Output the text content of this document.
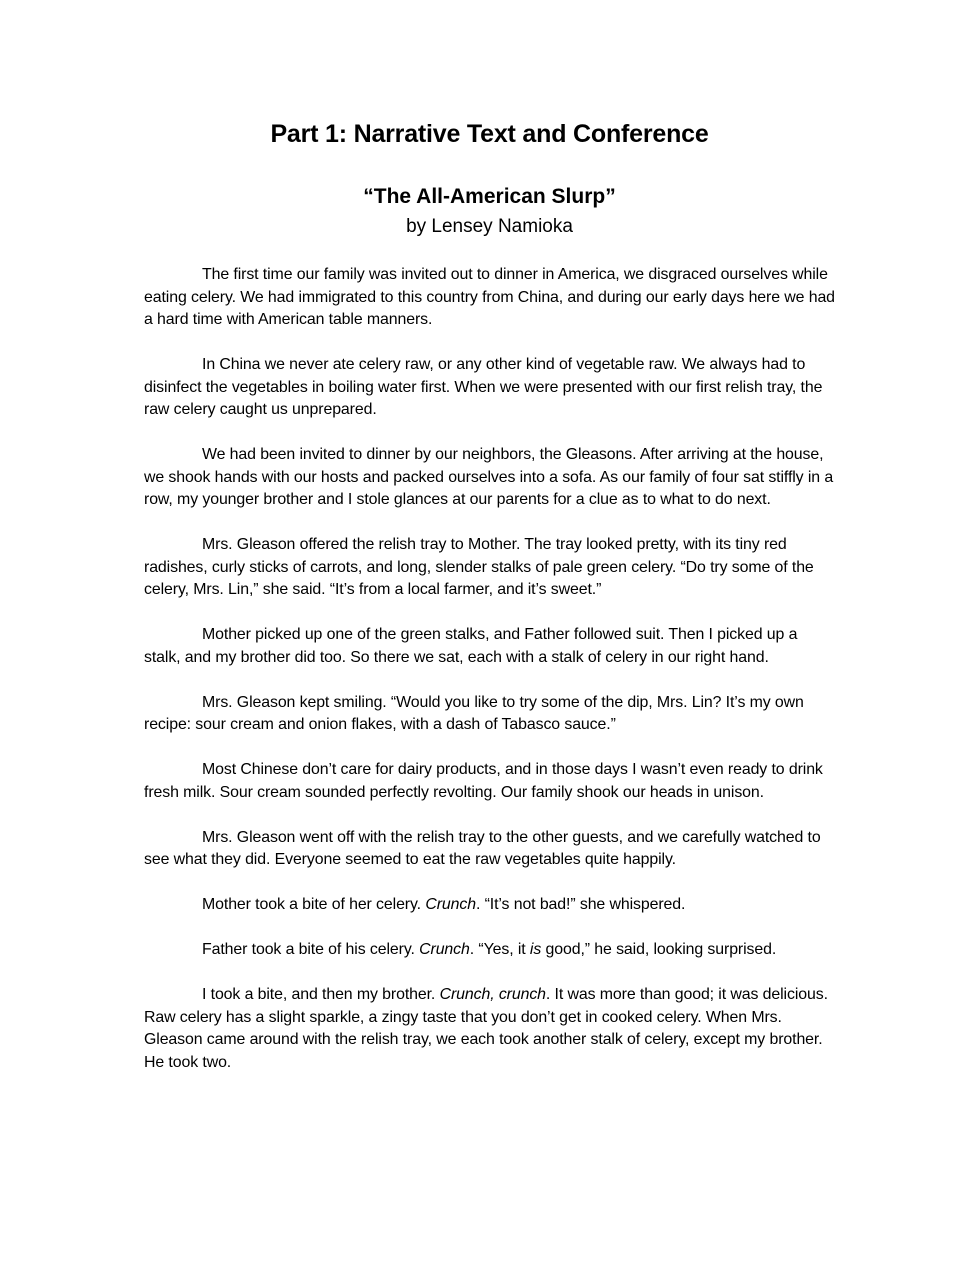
Part 1: Narrative Text and Conference
“The All-American Slurp”
by Lensey Namioka

The first time our family was invited out to dinner in America, we disgraced ourselves while eating celery. We had immigrated to this country from China, and during our early days here we had a hard time with American table manners.

In China we never ate celery raw, or any other kind of vegetable raw. We always had to disinfect the vegetables in boiling water first. When we were presented with our first relish tray, the raw celery caught us unprepared.

We had been invited to dinner by our neighbors, the Gleasons. After arriving at the house, we shook hands with our hosts and packed ourselves into a sofa. As our family of four sat stiffly in a row, my younger brother and I stole glances at our parents for a clue as to what to do next.

Mrs. Gleason offered the relish tray to Mother. The tray looked pretty, with its tiny red radishes, curly sticks of carrots, and long, slender stalks of pale green celery. “Do try some of the celery, Mrs. Lin,” she said. “It’s from a local farmer, and it’s sweet.”

Mother picked up one of the green stalks, and Father followed suit. Then I picked up a stalk, and my brother did too. So there we sat, each with a stalk of celery in our right hand.

Mrs. Gleason kept smiling. “Would you like to try some of the dip, Mrs. Lin? It’s my own recipe: sour cream and onion flakes, with a dash of Tabasco sauce.”

Most Chinese don’t care for dairy products, and in those days I wasn’t even ready to drink fresh milk. Sour cream sounded perfectly revolting. Our family shook our heads in unison.

Mrs. Gleason went off with the relish tray to the other guests, and we carefully watched to see what they did. Everyone seemed to eat the raw vegetables quite happily.

Mother took a bite of her celery. Crunch. “It’s not bad!” she whispered.

Father took a bite of his celery. Crunch. “Yes, it is good,” he said, looking surprised.

I took a bite, and then my brother. Crunch, crunch. It was more than good; it was delicious. Raw celery has a slight sparkle, a zingy taste that you don’t get in cooked celery. When Mrs. Gleason came around with the relish tray, we each took another stalk of celery, except my brother. He took two.
